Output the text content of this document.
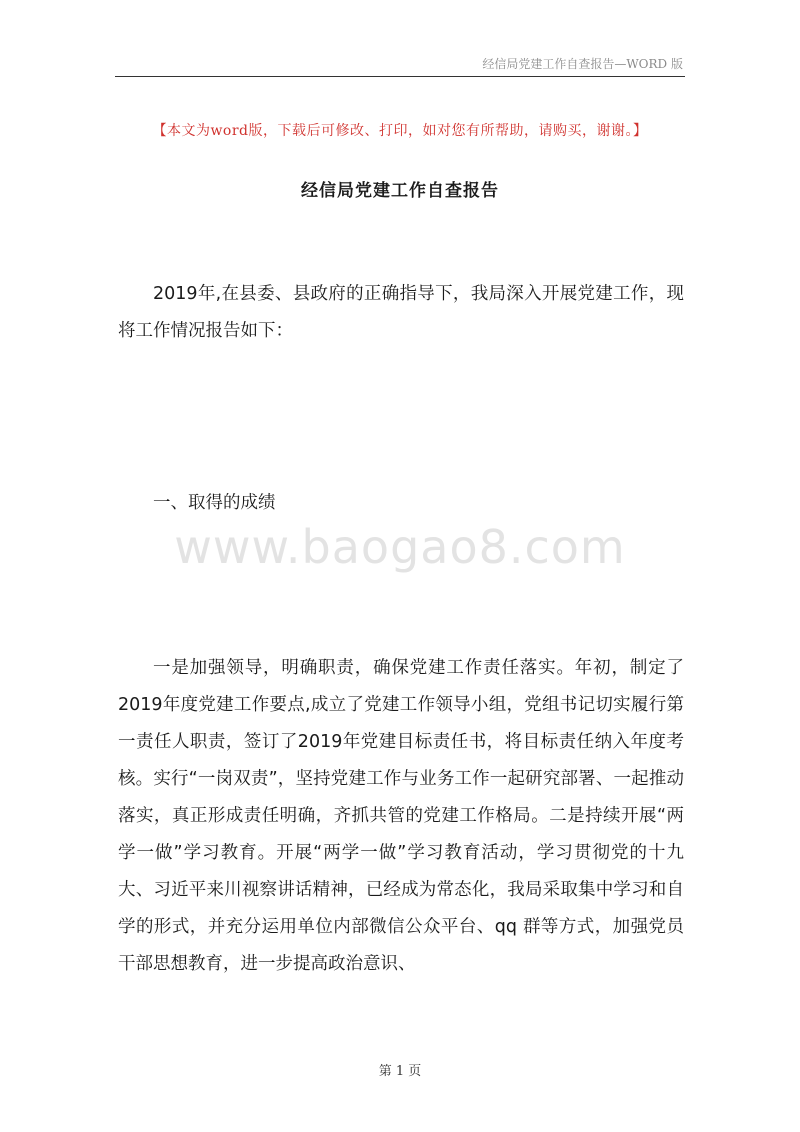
经信局党建工作自查报告—WORD 版
【本文为word版，下载后可修改、打印，如对您有所帮助，请购买，谢谢。】
经信局党建工作自查报告

2019年,在县委、县政府的正确指导下，我局深入开展党建工作，现将工作情况报告如下：

一、取得的成绩

www.baogao8.com

一是加强领导，明确职责，确保党建工作责任落实。年初，制定了2019年度党建工作要点,成立了党建工作领导小组，党组书记切实履行第一责任人职责，签订了2019年党建目标责任书，将目标责任纳入年度考核。实行“一岗双责”，坚持党建工作与业务工作一起研究部署、一起推动落实，真正形成责任明确，齐抓共管的党建工作格局。二是持续开展“两学一做”学习教育。开展“两学一做”学习教育活动，学习贯彻党的十九大、习近平来川视察讲话精神，已经成为常态化，我局采取集中学习和自学的形式，并充分运用单位内部微信公众平台、qq 群等方式，加强党员干部思想教育，进一步提高政治意识、

第 1 页
